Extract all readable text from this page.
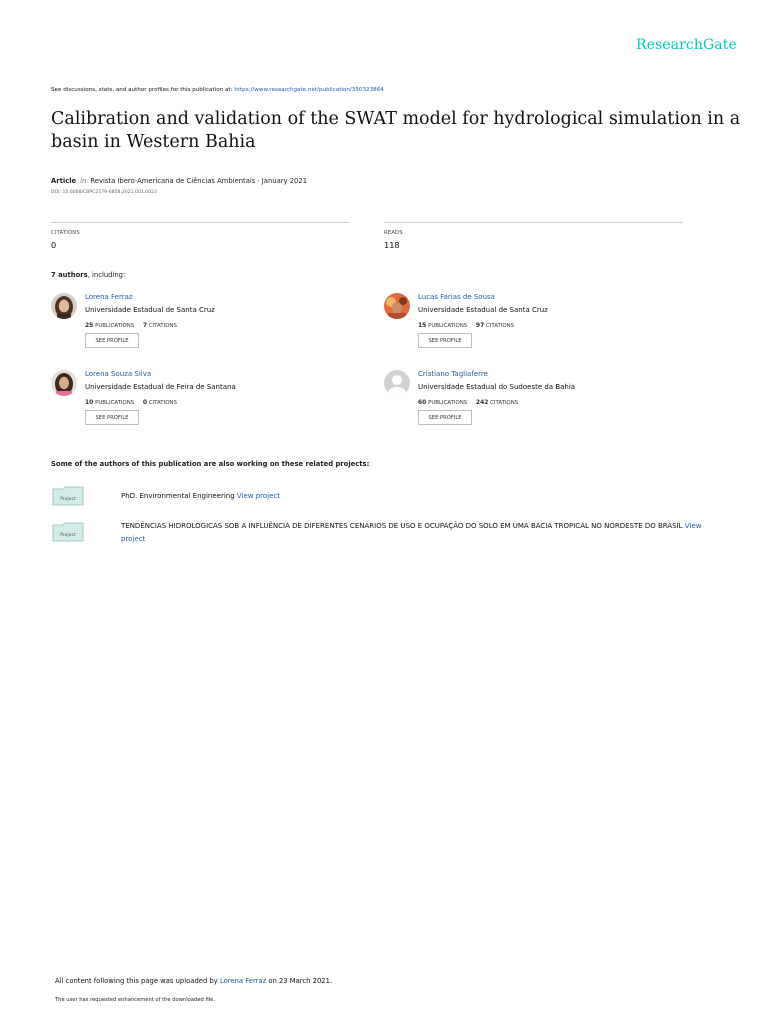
ResearchGate
See discussions, stats, and author profiles for this publication at: https://www.researchgate.net/publication/350323864
Calibration and validation of the SWAT model for hydrological simulation in a basin in Western Bahia
Article in Revista Ibero-Americana de Ciências Ambientais · January 2021
DOI: 10.6008/CBPC2179-6858.2021.001.0023
CITATIONS
0
READS
118
7 authors, including:
Lorena Ferraz
Universidade Estadual de Santa Cruz
25 PUBLICATIONS 7 CITATIONS
SEE PROFILE
Lucas Farias de Sousa
Universidade Estadual de Santa Cruz
15 PUBLICATIONS 97 CITATIONS
SEE PROFILE
Lorena Souza Silva
Universidade Estadual de Feira de Santana
10 PUBLICATIONS 0 CITATIONS
SEE PROFILE
Cristiano Tagliaferre
Universidade Estadual do Sudoeste da Bahia
60 PUBLICATIONS 242 CITATIONS
SEE PROFILE
Some of the authors of this publication are also working on these related projects:
Project	PhD. Environmental Engineering View project
Project
TENDÊNCIAS HIDROLÓGICAS SOB A INFLUÊNCIA DE DIFERENTES CENÁRIOS DE USO E OCUPAÇÃO DO SOLO EM UMA BACIA TROPICAL NO NORDESTE DO BRASIL View project
All content following this page was uploaded by Lorena Ferraz on 23 March 2021.
The user has requested enhancement of the downloaded file.
